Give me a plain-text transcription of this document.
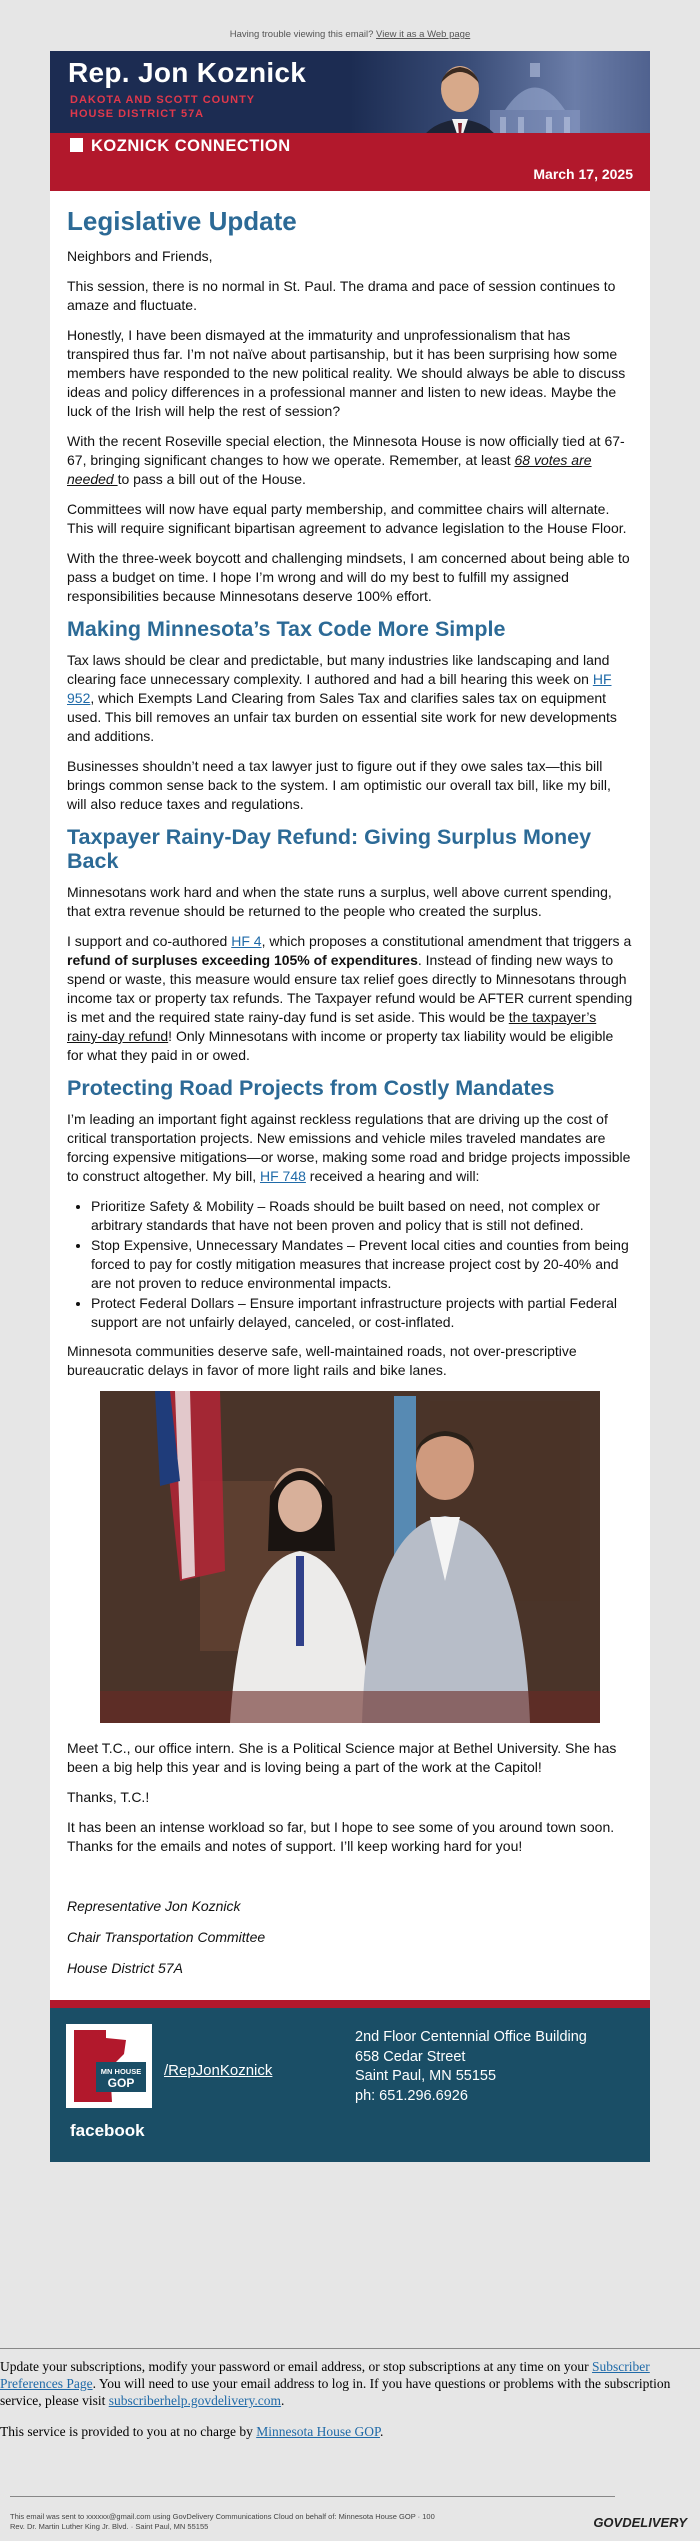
Having trouble viewing this email? View it as a Web page
Rep. Jon Koznick
DAKOTA AND SCOTT COUNTY
HOUSE DISTRICT 57A
KOZNICK CONNECTION
March 17, 2025
Legislative Update

Neighbors and Friends,

This session, there is no normal in St. Paul. The drama and pace of session continues to amaze and fluctuate.

Honestly, I have been dismayed at the immaturity and unprofessionalism that has transpired thus far. I’m not naïve about partisanship, but it has been surprising how some members have responded to the new political reality. We should always be able to discuss ideas and policy differences in a professional manner and listen to new ideas. Maybe the luck of the Irish will help the rest of session?

With the recent Roseville special election, the Minnesota House is now officially tied at 67-67, bringing significant changes to how we operate. Remember, at least 68 votes are needed to pass a bill out of the House.

Committees will now have equal party membership, and committee chairs will alternate. This will require significant bipartisan agreement to advance legislation to the House Floor.

With the three-week boycott and challenging mindsets, I am concerned about being able to pass a budget on time. I hope I’m wrong and will do my best to fulfill my assigned responsibilities because Minnesotans deserve 100% effort.

Making Minnesota’s Tax Code More Simple

Tax laws should be clear and predictable, but many industries like landscaping and land clearing face unnecessary complexity. I authored and had a bill hearing this week on HF 952, which Exempts Land Clearing from Sales Tax and clarifies sales tax on equipment used. This bill removes an unfair tax burden on essential site work for new developments and additions.

Businesses shouldn’t need a tax lawyer just to figure out if they owe sales tax—this bill brings common sense back to the system. I am optimistic our overall tax bill, like my bill, will also reduce taxes and regulations.

Taxpayer Rainy-Day Refund: Giving Surplus Money Back

Minnesotans work hard and when the state runs a surplus, well above current spending, that extra revenue should be returned to the people who created the surplus.

I support and co-authored HF 4, which proposes a constitutional amendment that triggers a refund of surpluses exceeding 105% of expenditures. Instead of finding new ways to spend or waste, this measure would ensure tax relief goes directly to Minnesotans through income tax or property tax refunds. The Taxpayer refund would be AFTER current spending is met and the required state rainy-day fund is set aside. This would be the taxpayer’s rainy-day refund! Only Minnesotans with income or property tax liability would be eligible for what they paid in or owed.

Protecting Road Projects from Costly Mandates

I’m leading an important fight against reckless regulations that are driving up the cost of critical transportation projects. New emissions and vehicle miles traveled mandates are forcing expensive mitigations—or worse, making some road and bridge projects impossible to construct altogether. My bill, HF 748 received a hearing and will:

• Prioritize Safety & Mobility – Roads should be built based on need, not complex or arbitrary standards that have not been proven and policy that is still not defined.
• Stop Expensive, Unnecessary Mandates – Prevent local cities and counties from being forced to pay for costly mitigation measures that increase project cost by 20-40% and are not proven to reduce environmental impacts.
• Protect Federal Dollars – Ensure important infrastructure projects with partial Federal support are not unfairly delayed, canceled, or cost-inflated.

Minnesota communities deserve safe, well-maintained roads, not over-prescriptive bureaucratic delays in favor of more light rails and bike lanes.

Meet T.C., our office intern. She is a Political Science major at Bethel University. She has been a big help this year and is loving being a part of the work at the Capitol!

Thanks, T.C.!

It has been an intense workload so far, but I hope to see some of you around town soon. Thanks for the emails and notes of support. I’ll keep working hard for you!

Representative Jon Koznick

Chair Transportation Committee

House District 57A

MN HOUSE
GOP
/RepJonKoznick
facebook
2nd Floor Centennial Office Building
658 Cedar Street
Saint Paul, MN 55155
ph: 651.296.6926

Update your subscriptions, modify your password or email address, or stop subscriptions at any time on your Subscriber Preferences Page. You will need to use your email address to log in. If you have questions or problems with the subscription service, please visit subscriberhelp.govdelivery.com.

This service is provided to you at no charge by Minnesota House GOP.

This email was sent to xxxxxx@gmail.com using GovDelivery Communications Cloud on behalf of: Minnesota House GOP · 100
Rev. Dr. Martin Luther King Jr. Blvd. · Saint Paul, MN 55155	GOVDELIVERY
